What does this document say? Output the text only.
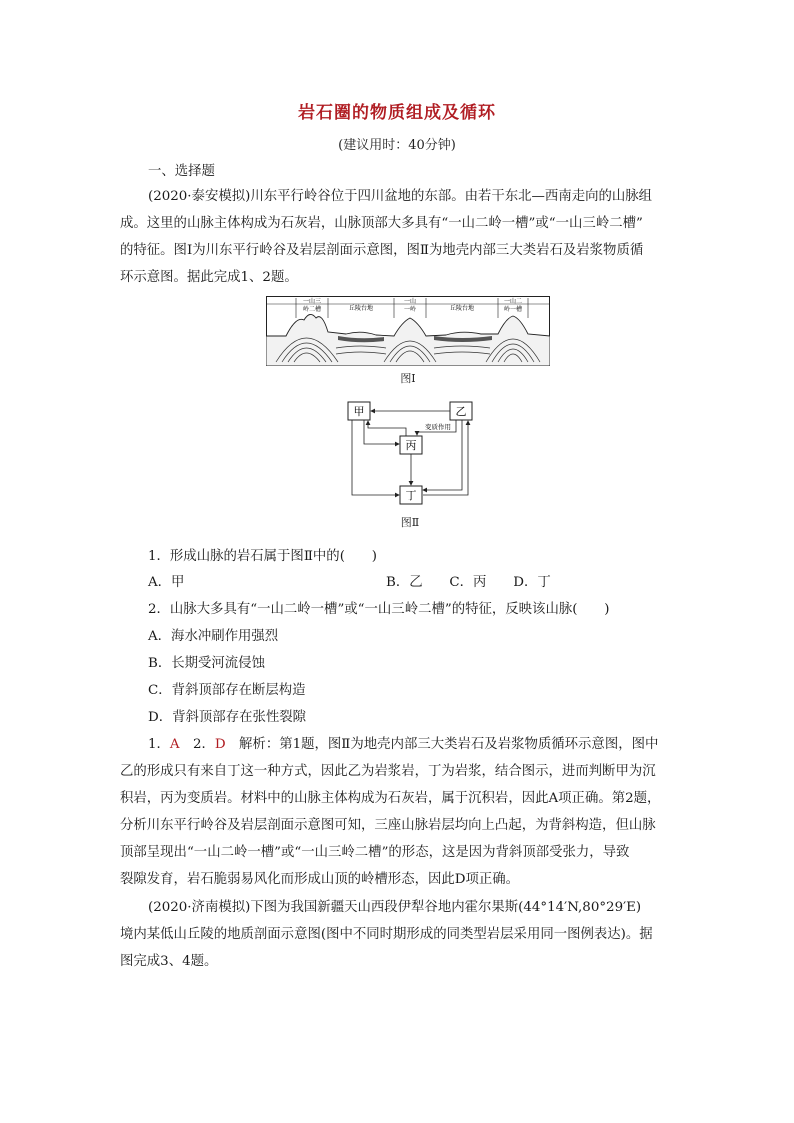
岩石圈的物质组成及循环
(建议用时：40分钟)
一、选择题
(2020·泰安模拟)川东平行岭谷位于四川盆地的东部。由若干东北—西南走向的山脉组
成。这里的山脉主体构成为石灰岩，山脉顶部大多具有“一山二岭一槽”或“一山三岭二槽”
的特征。图Ⅰ为川东平行岭谷及岩层剖面示意图，图Ⅱ为地壳内部三大类岩石及岩浆物质循
环示意图。据此完成1、2题。
一山三
岭二槽	丘陵台地
一山
一岭	丘陵台地
一山二
岭一槽
图Ⅰ
甲	乙
丙
丁
变质作用
图Ⅱ
1．形成山脉的岩石属于图Ⅱ中的(　　)
A．甲	B．乙　　C．丙　　D．丁
2．山脉大多具有“一山二岭一槽”或“一山三岭二槽”的特征，反映该山脉(　　)
A．海水冲刷作用强烈
B．长期受河流侵蚀
C．背斜顶部存在断层构造
D．背斜顶部存在张性裂隙
1．A　2．D　解析：第1题，图Ⅱ为地壳内部三大类岩石及岩浆物质循环示意图，图中
乙的形成只有来自丁这一种方式，因此乙为岩浆岩，丁为岩浆，结合图示，进而判断甲为沉
积岩，丙为变质岩。材料中的山脉主体构成为石灰岩，属于沉积岩，因此A项正确。第2题，
分析川东平行岭谷及岩层剖面示意图可知，三座山脉岩层均向上凸起，为背斜构造，但山脉
顶部呈现出“一山二岭一槽”或“一山三岭二槽”的形态，这是因为背斜顶部受张力，导致
裂隙发育，岩石脆弱易风化而形成山顶的岭槽形态，因此D项正确。
(2020·济南模拟)下图为我国新疆天山西段伊犁谷地内霍尔果斯(44°14′N,80°29′E)
境内某低山丘陵的地质剖面示意图(图中不同时期形成的同类型岩层采用同一图例表达)。据
图完成3、4题。
